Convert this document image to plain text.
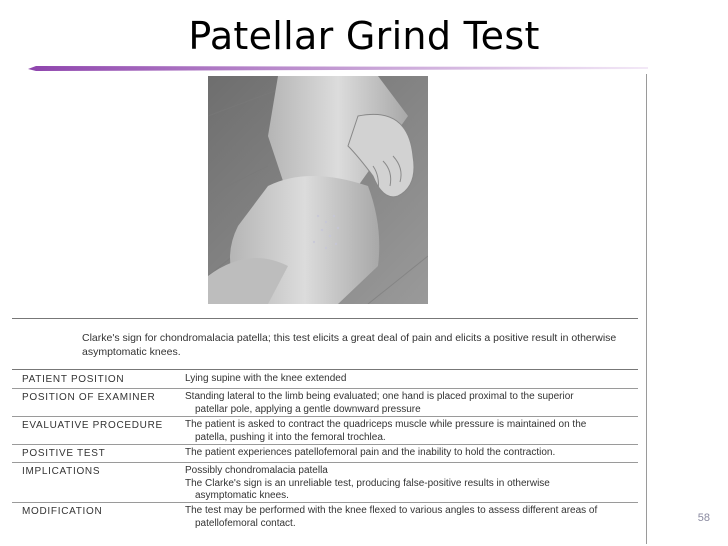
Patellar Grind Test
Clarke's sign for chondromalacia patella; this test elicits a great deal of pain and elicits a positive result in otherwise asymptomatic knees.
PATIENT POSITION	Lying supine with the knee extended
POSITION OF EXAMINER	Standing lateral to the limb being evaluated; one hand is placed proximal to the superior
patellar pole, applying a gentle downward pressure
EVALUATIVE PROCEDURE The patient is asked to contract the quadriceps muscle while pressure is maintained on the
patella, pushing it into the femoral trochlea.
POSITIVE TEST	The patient experiences patellofemoral pain and the inability to hold the contraction.
IMPLICATIONS	Possibly chondromalacia patella
The Clarke's sign is an unreliable test, producing false-positive results in otherwise
asymptomatic knees.
MODIFICATION	The test may be performed with the knee flexed to various angles to assess different areas of
patellofemoral contact.	58
